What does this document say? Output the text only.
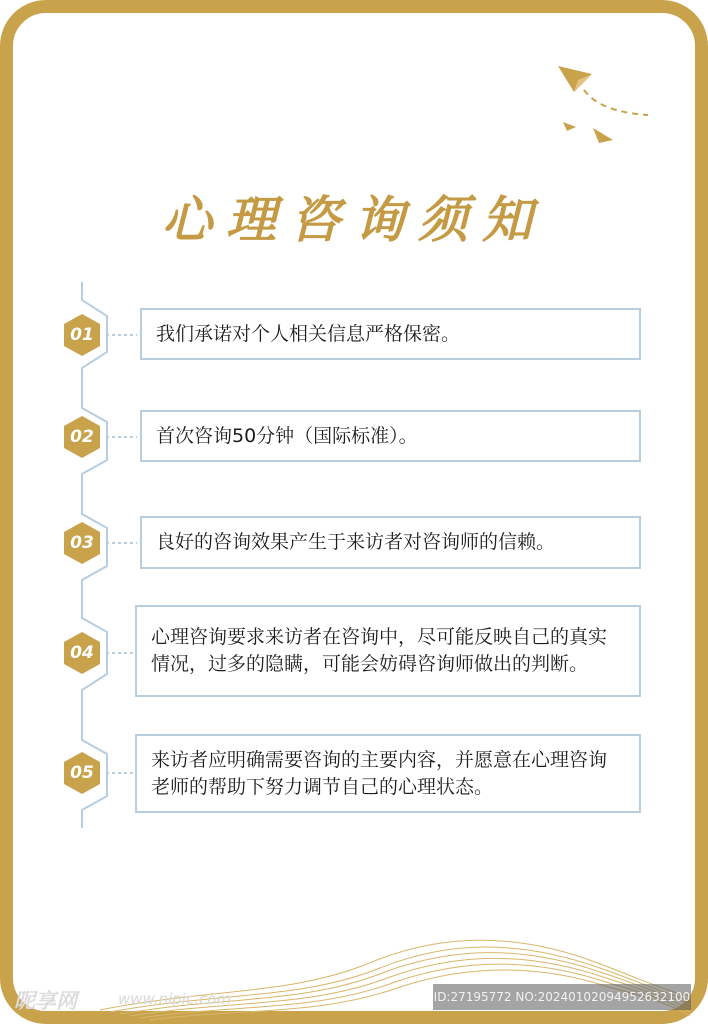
心理咨询须知
01
02
03
04
05
我们承诺对个人相关信息严格保密。
首次咨询50分钟（国际标准）。
良好的咨询效果产生于来访者对咨询师的信赖。
心理咨询要求来访者在咨询中，尽可能反映自己的真实情况，过多的隐瞒，可能会妨碍咨询师做出的判断。
来访者应明确需要咨询的主要内容，并愿意在心理咨询老师的帮助下努力调节自己的心理状态。
昵享网	www.nipic.com	ID:27195772 NO:20240102094952632100
